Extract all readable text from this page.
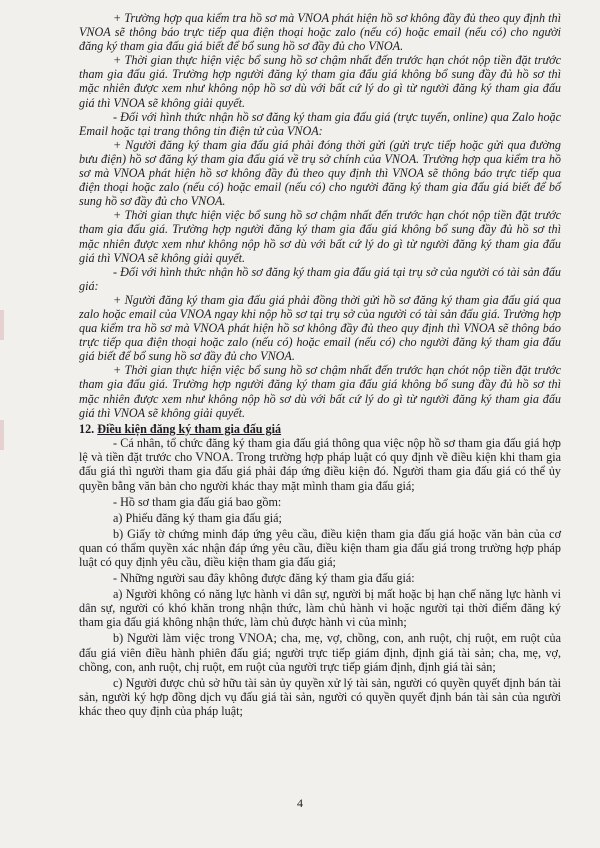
+ Trường hợp qua kiểm tra hồ sơ mà VNOA phát hiện hồ sơ không đầy đủ theo quy định thì VNOA sẽ thông báo trực tiếp qua điện thoại hoặc zalo (nếu có) hoặc email (nếu có) cho người đăng ký tham gia đấu giá biết để bổ sung hồ sơ đầy đủ cho VNOA.

+ Thời gian thực hiện việc bổ sung hồ sơ chậm nhất đến trước hạn chót nộp tiền đặt trước tham gia đấu giá. Trường hợp người đăng ký tham gia đấu giá không bổ sung đầy đủ hồ sơ thì mặc nhiên được xem như không nộp hồ sơ dù với bất cứ lý do gì từ người đăng ký tham gia đấu giá thì VNOA sẽ không giải quyết.

- Đối với hình thức nhận hồ sơ đăng ký tham gia đấu giá (trực tuyến, online) qua Zalo hoặc Email hoặc tại trang thông tin điện tử của VNOA:

+ Người đăng ký tham gia đấu giá phải đóng thời gửi (gửi trực tiếp hoặc gửi qua đường bưu điện) hồ sơ đăng ký tham gia đấu giá về trụ sở chính của VNOA. Trường hợp qua kiểm tra hồ sơ mà VNOA phát hiện hồ sơ không đầy đủ theo quy định thì VNOA sẽ thông báo trực tiếp qua điện thoại hoặc zalo (nếu có) hoặc email (nếu có) cho người đăng ký tham gia đấu giá biết để bổ sung hồ sơ đầy đủ cho VNOA.

+ Thời gian thực hiện việc bổ sung hồ sơ chậm nhất đến trước hạn chót nộp tiền đặt trước tham gia đấu giá. Trường hợp người đăng ký tham gia đấu giá không bổ sung đầy đủ hồ sơ thì mặc nhiên được xem như không nộp hồ sơ dù với bất cứ lý do gì từ người đăng ký tham gia đấu giá thì VNOA sẽ không giải quyết.

- Đối với hình thức nhận hồ sơ đăng ký tham gia đấu giá tại trụ sở của người có tài sản đấu giá:

+ Người đăng ký tham gia đấu giá phải đồng thời gửi hồ sơ đăng ký tham gia đấu giá qua zalo hoặc email của VNOA ngay khi nộp hồ sơ tại trụ sở của người có tài sản đấu giá. Trường hợp qua kiểm tra hồ sơ mà VNOA phát hiện hồ sơ không đầy đủ theo quy định thì VNOA sẽ thông báo trực tiếp qua điện thoại hoặc zalo (nếu có) hoặc email (nếu có) cho người đăng ký tham gia đấu giá biết để bổ sung hồ sơ đầy đủ cho VNOA.

+ Thời gian thực hiện việc bổ sung hồ sơ chậm nhất đến trước hạn chót nộp tiền đặt trước tham gia đấu giá. Trường hợp người đăng ký tham gia đấu giá không bổ sung đầy đủ hồ sơ thì mặc nhiên được xem như không nộp hồ sơ dù với bất cứ lý do gì từ người đăng ký tham gia đấu giá thì VNOA sẽ không giải quyết.

12. Điều kiện đăng ký tham gia đấu giá

- Cá nhân, tổ chức đăng ký tham gia đấu giá thông qua việc nộp hồ sơ tham gia đấu giá hợp lệ và tiền đặt trước cho VNOA. Trong trường hợp pháp luật có quy định về điều kiện khi tham gia đấu giá thì người tham gia đấu giá phải đáp ứng điều kiện đó. Người tham gia đấu giá có thể ủy quyền bằng văn bản cho người khác thay mặt mình tham gia đấu giá;

- Hồ sơ tham gia đấu giá bao gồm:

a) Phiếu đăng ký tham gia đấu giá;

b) Giấy tờ chứng minh đáp ứng yêu cầu, điều kiện tham gia đấu giá hoặc văn bản của cơ quan có thẩm quyền xác nhận đáp ứng yêu cầu, điều kiện tham gia đấu giá trong trường hợp pháp luật có quy định yêu cầu, điều kiện tham gia đấu giá;

- Những người sau đây không được đăng ký tham gia đấu giá:

a) Người không có năng lực hành vi dân sự, người bị mất hoặc bị hạn chế năng lực hành vi dân sự, người có khó khăn trong nhận thức, làm chủ hành vi hoặc người tại thời điểm đăng ký tham gia đấu giá không nhận thức, làm chủ được hành vi của mình;

b) Người làm việc trong VNOA; cha, mẹ, vợ, chồng, con, anh ruột, chị ruột, em ruột của đấu giá viên điều hành phiên đấu giá; người trực tiếp giám định, định giá tài sản; cha, mẹ, vợ, chồng, con, anh ruột, chị ruột, em ruột của người trực tiếp giám định, định giá tài sản;

c) Người được chủ sở hữu tài sản ủy quyền xử lý tài sản, người có quyền quyết định bán tài sản, người ký hợp đồng dịch vụ đấu giá tài sản, người có quyền quyết định bán tài sản của người khác theo quy định của pháp luật;

4
